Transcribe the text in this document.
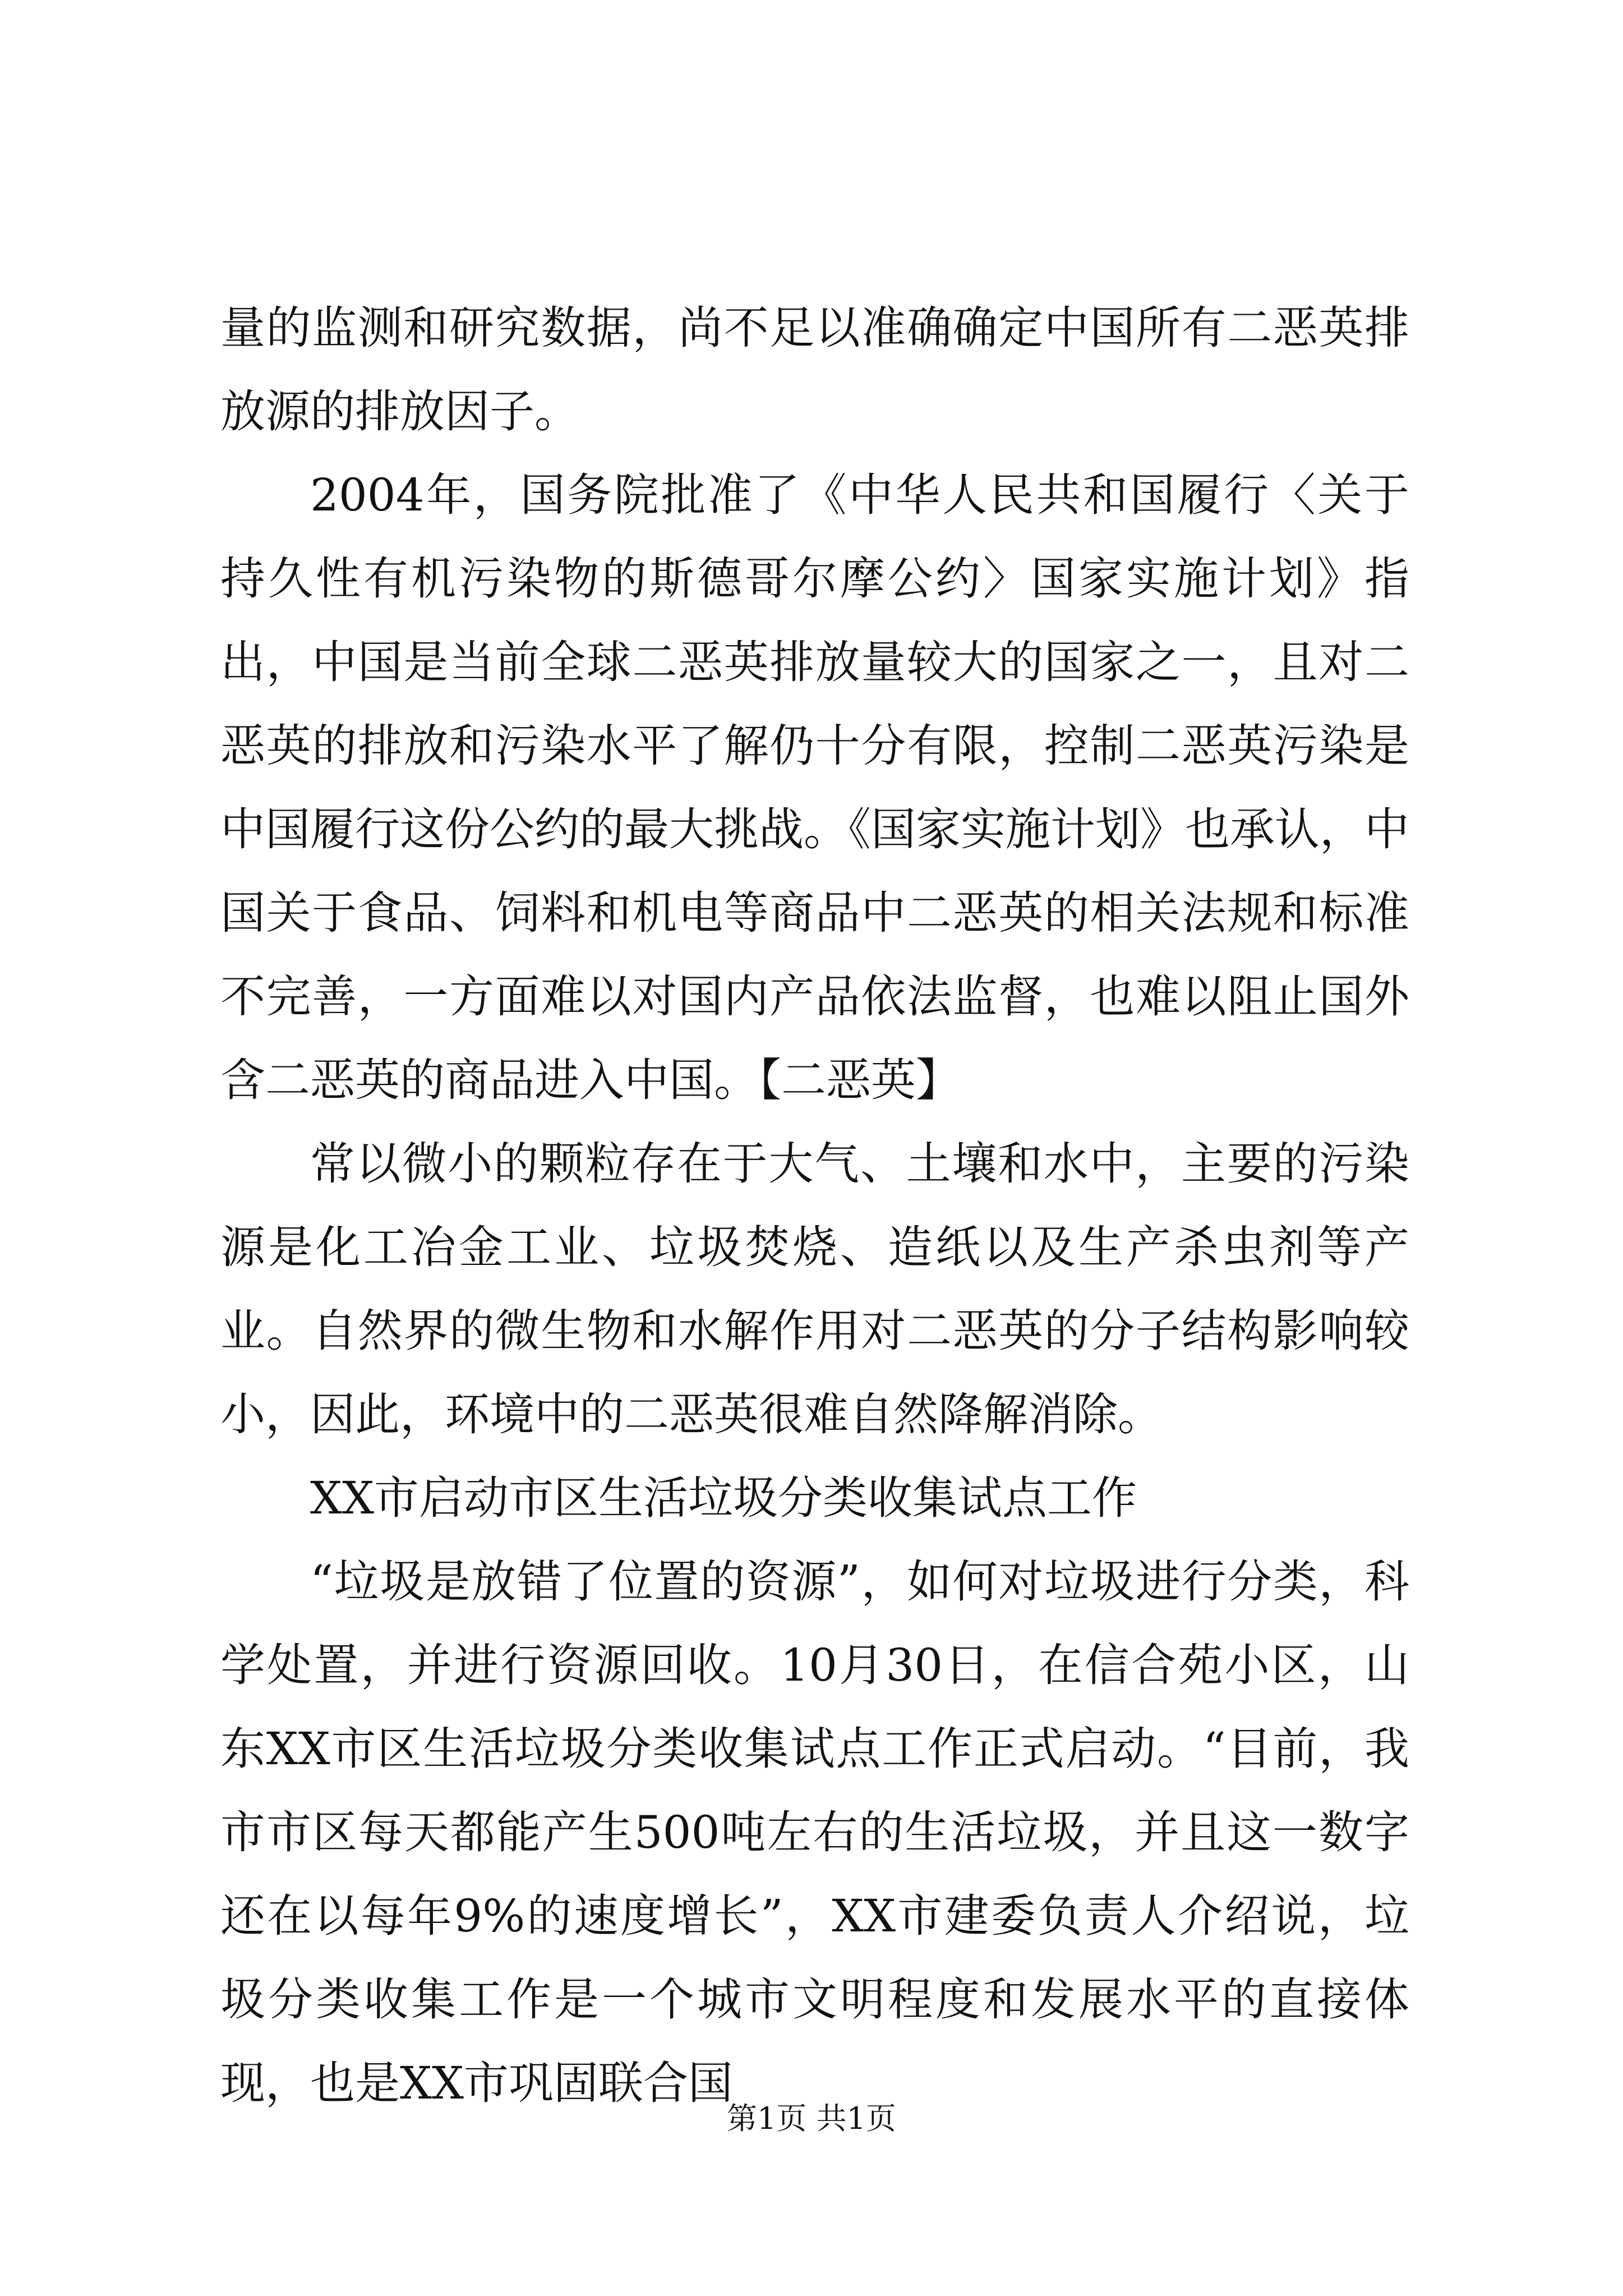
量的监测和研究数据，尚不足以准确确定中国所有二恶英排放源的排放因子。

2004年，国务院批准了《中华人民共和国履行〈关于持久性有机污染物的斯德哥尔摩公约〉国家实施计划》指出，中国是当前全球二恶英排放量较大的国家之一，且对二恶英的排放和污染水平了解仍十分有限，控制二恶英污染是中国履行这份公约的最大挑战。《国家实施计划》也承认，中国关于食品、饲料和机电等商品中二恶英的相关法规和标准不完善，一方面难以对国内产品依法监督，也难以阻止国外含二恶英的商品进入中国。【二恶英】

常以微小的颗粒存在于大气、土壤和水中，主要的污染源是化工冶金工业、垃圾焚烧、造纸以及生产杀虫剂等产业。自然界的微生物和水解作用对二恶英的分子结构影响较小，因此，环境中的二恶英很难自然降解消除。

XX市启动市区生活垃圾分类收集试点工作

“垃圾是放错了位置的资源”，如何对垃圾进行分类，科学处置，并进行资源回收。10月30日，在信合苑小区，山东XX市区生活垃圾分类收集试点工作正式启动。“目前，我市市区每天都能产生500吨左右的生活垃圾，并且这一数字还在以每年9%的速度增长”，XX市建委负责人介绍说，垃圾分类收集工作是一个城市文明程度和发展水平的直接体现，也是XX市巩固联合国

第1页 共1页
